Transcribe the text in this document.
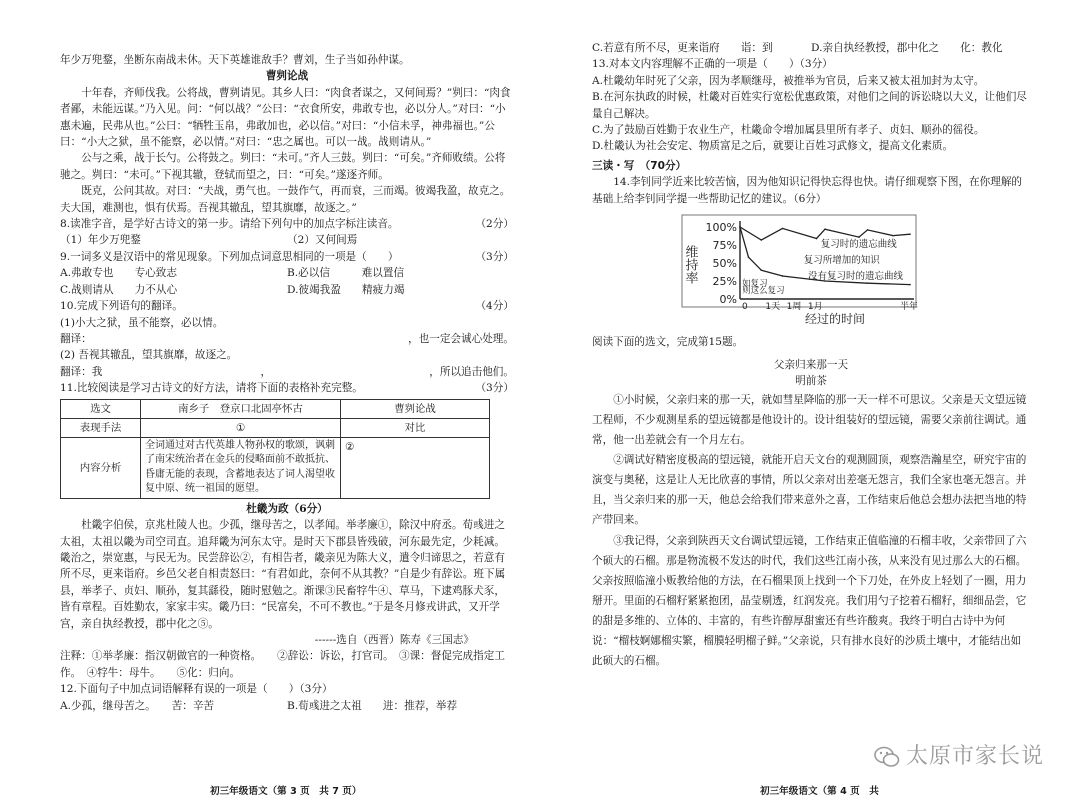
年少万兜鍪，坐断东南战未休。天下英雄谁敌手？曹刘，生子当如孙仲谋。

曹刿论战

十年春，齐师伐我。公将战，曹刿请见。其乡人曰：“肉食者谋之，又何间焉？”刿曰：“肉食者鄙，未能远谋。”乃入见。问：“何以战？”公曰：“衣食所安，弗敢专也，必以分人。”对曰：“小惠未遍，民弗从也。”公曰：“牺牲玉帛，弗敢加也，必以信。”对曰：“小信未孚，神弗福也。”公曰：“小大之狱，虽不能察，必以情。”对曰：“忠之属也。可以一战。战则请从。”

公与之乘，战于长勺。公将鼓之。刿曰：“未可。”齐人三鼓。刿曰：“可矣。”齐师败绩。公将驰之。刿曰：“未可。”下视其辙，登轼而望之，曰：“可矣。”遂逐齐师。

既克，公问其故。对曰：“夫战，勇气也。一鼓作气，再而衰，三而竭。彼竭我盈，故克之。夫大国，难测也，惧有伏焉。吾视其辙乱，望其旗靡，故逐之。”

8.读准字音，是学好古诗文的第一步。请给下列句中的加点字标注读音。	（2分）
（1）年少万兜鍪	（2）又何间焉
9.一词多义是汉语中的常见现象。下列加点词意思相同的一项是（　　）	（3分）
A.弗敢专也　　专心致志	B.必以信　　　难以置信
C.战则请从　　力不从心	D.彼竭我盈　　精疲力竭
10.完成下列语句的翻译。	（4分）

(1)小大之狱，虽不能察，必以情。

翻译：	，也一定会诚心处理。

(2) 吾视其辙乱，望其旗靡，故逐之。

翻译：我	，	，所以追击他们。
11.比较阅读是学习古诗文的好方法，请将下面的表格补充完整。	（3分）
选文	南乡子　登京口北固亭怀古	曹刿论战
表现手法	①	对比
内容分析	全词通过对古代英雄人物孙权的歌颂，讽刺了南宋统治者在金兵的侵略面前不敢抵抗、昏庸无能的表现，含蓄地表达了词人渴望收复中原、统一祖国的愿望。	②

杜畿为政（6分）

杜畿字伯侯，京兆杜陵人也。少孤，继母苦之，以孝闻。举孝廉①，除汉中府丞。荀彧进之太祖，太祖以畿为司空司直。追拜畿为河东太守。是时天下郡县皆残破，河东最先定，少耗减。畿治之，崇宽惠，与民无为。民尝辞讼②，有相告者，畿亲见为陈大义，遣令归谛思之，若意有所不尽，更来诣府。乡邑父老自相责怒曰：“有君如此，奈何不从其教？”自是少有辞讼。班下属县，举孝子、贞妇、顺孙，复其繇役，随时慰勉之。渐课③民畜牸牛④、草马，下逮鸡豚犬豕，皆有章程。百姓勤农，家家丰实。畿乃曰：“民富矣，不可不教也。”于是冬月修戎讲武，又开学宫，亲自执经教授，郡中化之⑤。

------选自（西晋）陈寿《三国志》

注释：①举孝廉：指汉朝做官的一种资格。　　②辞讼：诉讼，打官司。　③课：督促完成指定工作。　④牸牛：母牛。　　⑤化：归向。

12.下面句子中加点词语解释有误的一项是（　　）（3分）

A.少孤，继母苦之。　　苦：辛苦	B.荀彧进之太祖　　进：推荐，举荐
初三年级语文（第 3 页　共 7 页）
C.若意有所不尽，更来诣府　　诣：到	D.亲自执经教授，郡中化之　　化：教化

13.对本文内容理解不正确的一项是（　　）（3分）

A.杜畿幼年时死了父亲，因为孝顺继母，被推举为官员，后来又被太祖加封为太守。

B.在河东执政的时候，杜畿对百姓实行宽松优惠政策，对他们之间的诉讼晓以大义，让他们尽量自己解决。

C.为了鼓励百姓勤于农业生产，杜畿命令增加属县里所有孝子、贞妇、顺孙的徭役。

D.杜畿认为社会安定、物质富足之后，就要让百姓习武修文，提高文化素质。

三读・写　（70分）

14.李钊同学近来比较苦恼，因为他知识记得快忘得也快。请仔细观察下图，在你理解的基础上给李钊同学提一些帮助记忆的建议。（6分）

100%
75%
50%
25%
0%
0 1天 1周 1月	半年
维持率
经过的时间
复习时的遗忘曲线
复习所增加的知识
没有复习时的遗忘曲线
如复习
则这么复习

阅读下面的选文，完成第15题。

父亲归来那一天

明前茶

①小时候，父亲归来的那一天，就如彗星降临的那一天一样不可思议。父亲是天文望远镜工程师，不少观测星系的望远镜都是他设计的。设计组装好的望远镜，需要父亲前往调试。通常，他一出差就会有一个月左右。

②调试好精密度极高的望远镜，就能开启天文台的观测圆顶，观察浩瀚星空，研究宇宙的演变与奥秘，这是让人无比欣喜的事情，所以父亲对出差毫无怨言，我们全家也毫无怨言。并且，当父亲归来的那一天，他总会给我们带来意外之喜，工作结束后他总会想办法把当地的特产带回来。

③我记得，父亲到陕西天文台调试望远镜，工作结束正值临潼的石榴丰收，父亲带回了六个硕大的石榴。那是物流极不发达的时代，我们这些江南小孩，从来没有见过那么大的石榴。父亲按照临潼小贩教给他的方法，在石榴果顶上找到一个下刀处，在外皮上轻划了一圈，用力掰开。里面的石榴籽紧紧抱团，晶莹剔透，红润发亮。我们用勺子挖着石榴籽，细细品尝，它的甜是多维的、立体的、丰富的，有些许醇厚甜蜜还有些许酸爽。我终于明白古诗中为何说：“榴枝婀娜榴实繁，榴膜轻明榴子鲜。”父亲说，只有排水良好的沙质土壤中，才能结出如此硕大的石榴。

初三年级语文（第 4 页　共
太原市家长说
